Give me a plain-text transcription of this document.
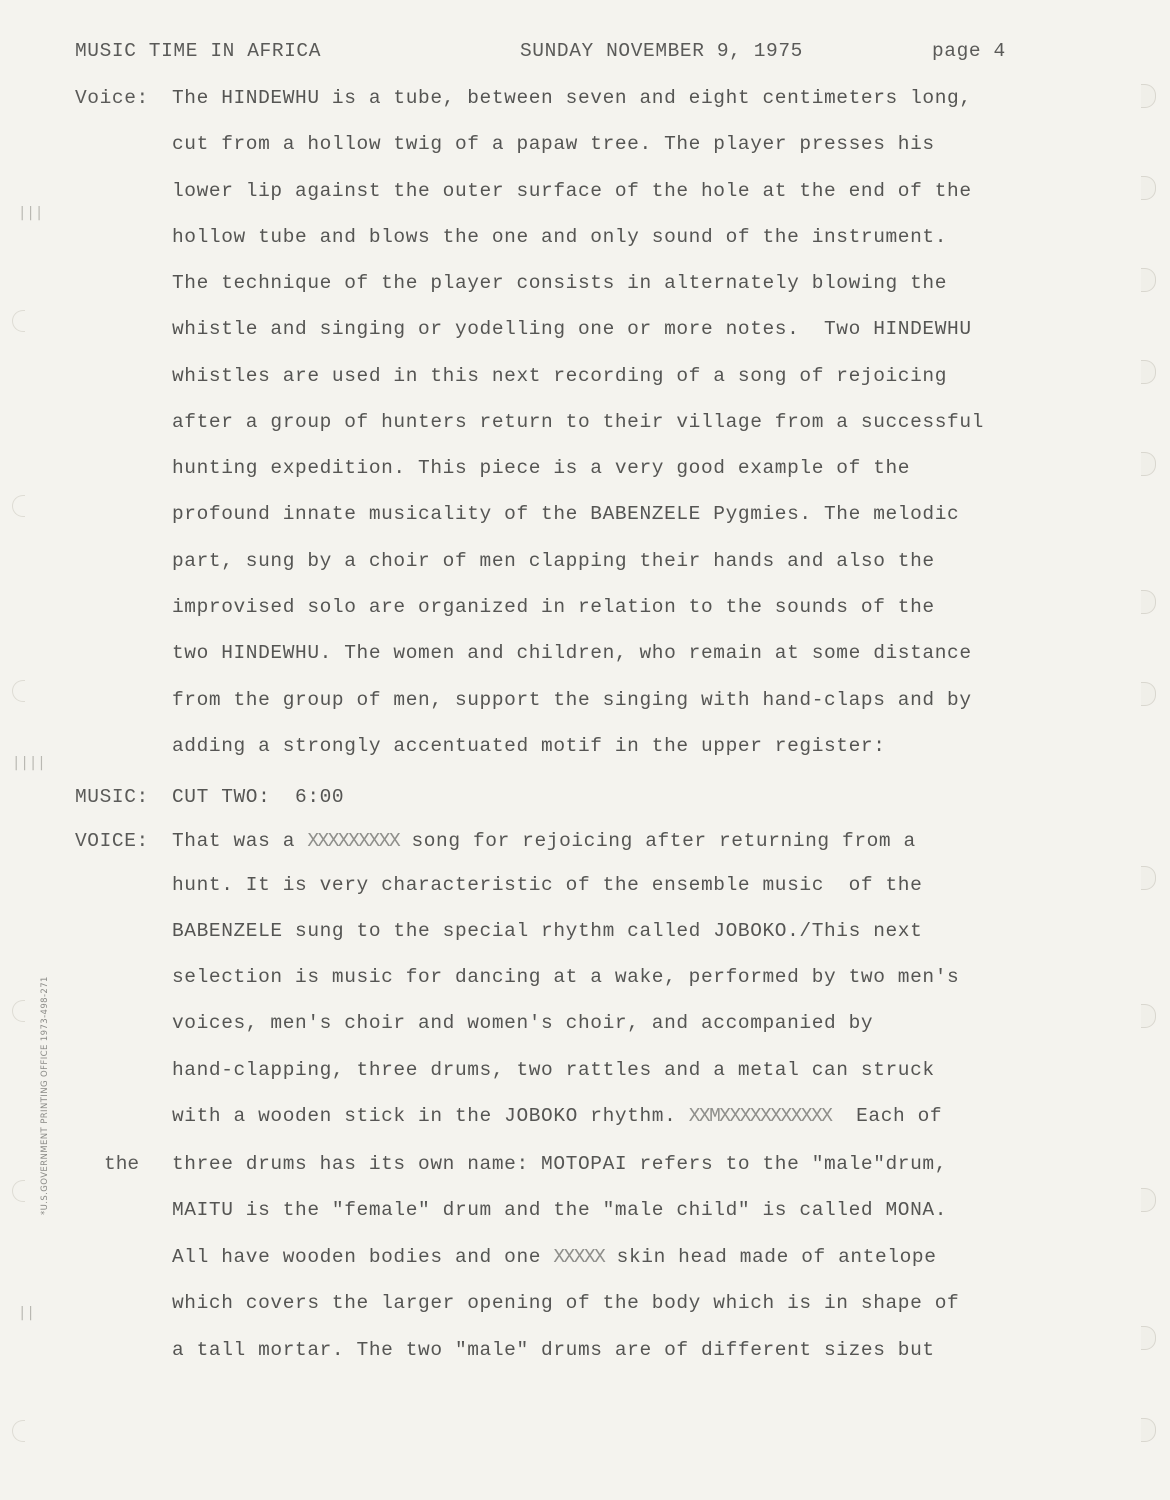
|||
||||
||
*U.S.GOVERNMENT PRINTING OFFICE 1973-498-271
MUSIC TIME IN AFRICA	SUNDAY NOVEMBER 9, 1975	page 4
Voice: The HINDEWHU is a tube, between seven and eight centimeters long,
cut from a hollow twig of a papaw tree. The player presses his
lower lip against the outer surface of the hole at the end of the
hollow tube and blows the one and only sound of the instrument.
The technique of the player consists in alternately blowing the
whistle and singing or yodelling one or more notes.  Two HINDEWHU
whistles are used in this next recording of a song of rejoicing
after a group of hunters return to their village from a successful
hunting expedition. This piece is a very good example of the
profound innate musicality of the BABENZELE Pygmies. The melodic
part, sung by a choir of men clapping their hands and also the
improvised solo are organized in relation to the sounds of the
two HINDEWHU. The women and children, who remain at some distance
from the group of men, support the singing with hand-claps and by
adding a strongly accentuated motif in the upper register:
MUSIC: CUT TWO:  6:00
VOICE: That was a XXXXXXXXX song for rejoicing after returning from a
hunt. It is very characteristic of the ensemble music  of the
BABENZELE sung to the special rhythm called JOBOKO./This next
selection is music for dancing at a wake, performed by two men's
voices, men's choir and women's choir, and accompanied by
hand-clapping, three drums, two rattles and a metal can struck
with a wooden stick in the JOBOKO rhythm. XXMXXXXXXXXXXX  Each of
the three drums has its own name: MOTOPAI refers to the "male"drum,
MAITU is the "female" drum and the "male child" is called MONA.
All have wooden bodies and one XXXXX skin head made of antelope
which covers the larger opening of the body which is in shape of
a tall mortar. The two "male" drums are of different sizes but
